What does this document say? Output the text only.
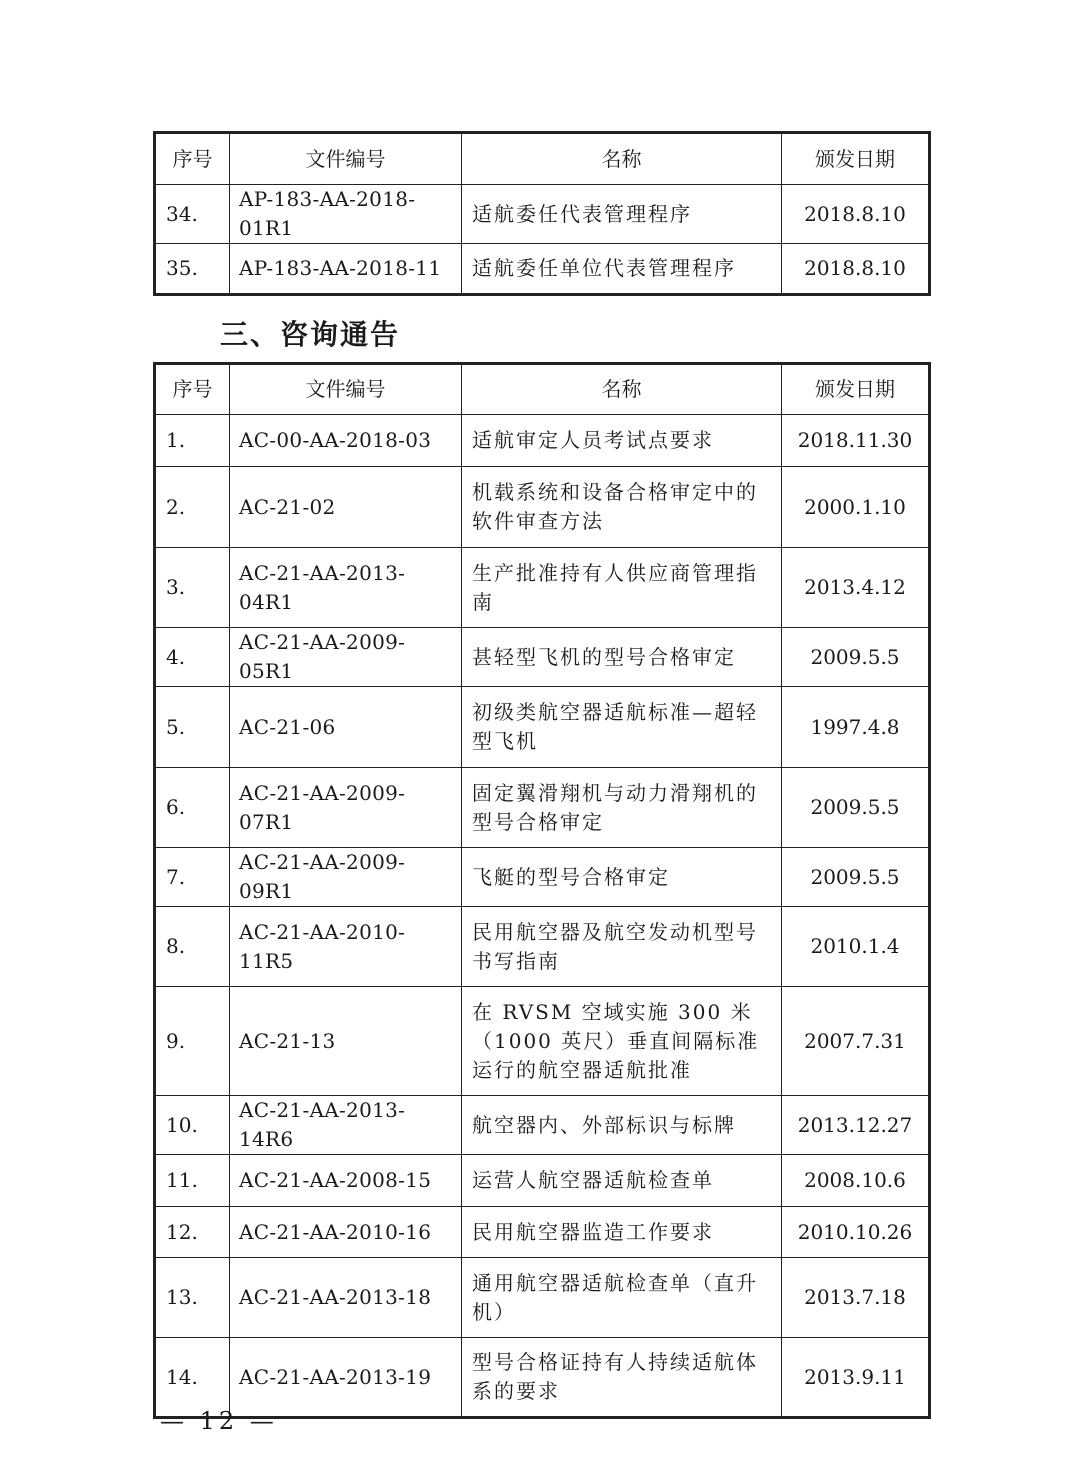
序号	文件编号	名称	颁发日期
34.	AP-183-AA-2018-01R1	适航委任代表管理程序	2018.8.10
35.	AP-183-AA-2018-11	适航委任单位代表管理程序	2018.8.10
三、咨询通告
序号	文件编号	名称	颁发日期
1.	AC-00-AA-2018-03	适航审定人员考试点要求	2018.11.30
2.	AC-21-02	机载系统和设备合格审定中的软件审查方法	2000.1.10
3.	AC-21-AA-2013-04R1	生产批准持有人供应商管理指南	2013.4.12
4.	AC-21-AA-2009-05R1	甚轻型飞机的型号合格审定	2009.5.5
5.	AC-21-06	初级类航空器适航标准—超轻型飞机	1997.4.8
6.	AC-21-AA-2009-07R1	固定翼滑翔机与动力滑翔机的型号合格审定	2009.5.5
7.	AC-21-AA-2009-09R1	飞艇的型号合格审定	2009.5.5
8.	AC-21-AA-2010-11R5	民用航空器及航空发动机型号书写指南	2010.1.4
9.	AC-21-13	在 RVSM 空域实施 300 米（1000 英尺）垂直间隔标准运行的航空器适航批准	2007.7.31
10.	AC-21-AA-2013-14R6	航空器内、外部标识与标牌	2013.12.27
11.	AC-21-AA-2008-15	运营人航空器适航检查单	2008.10.6
12.	AC-21-AA-2010-16	民用航空器监造工作要求	2010.10.26
13.	AC-21-AA-2013-18	通用航空器适航检查单（直升机）	2013.7.18
14.	AC-21-AA-2013-19	型号合格证持有人持续适航体系的要求	2013.9.11
— 12 —
